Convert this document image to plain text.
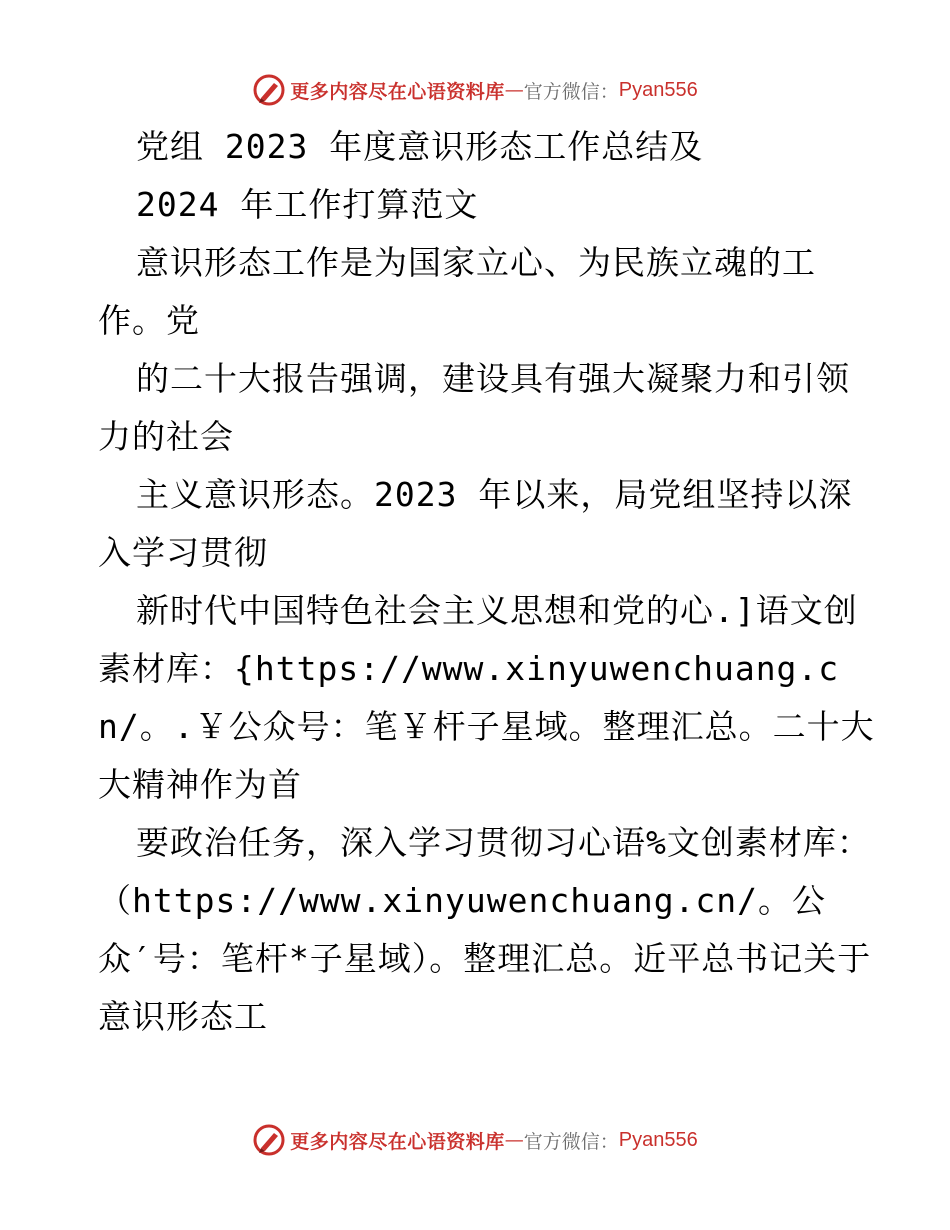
更多内容尽在心语资料库 — 官方微信： Pyan556

党组 2023 年度意识形态工作总结及

2024 年工作打算范文

意识形态工作是为国家立心、为民族立魂的工作。党

的二十大报告强调，建设具有强大凝聚力和引领力的社会

主义意识形态。2023 年以来，局党组坚持以深入学习贯彻

新时代中国特色社会主义思想和党的心.]语文创素材库：{https://www.xinyuwenchuang.cn/。.￥公众号：笔￥杆子星域。整理汇总。二十大大精神作为首

要政治任务，深入学习贯彻习心语%文创素材库：（https://www.xinyuwenchuang.cn/。公众′号：笔杆*子星域）。整理汇总。近平总书记关于意识形态工

更多内容尽在心语资料库 — 官方微信： Pyan556
